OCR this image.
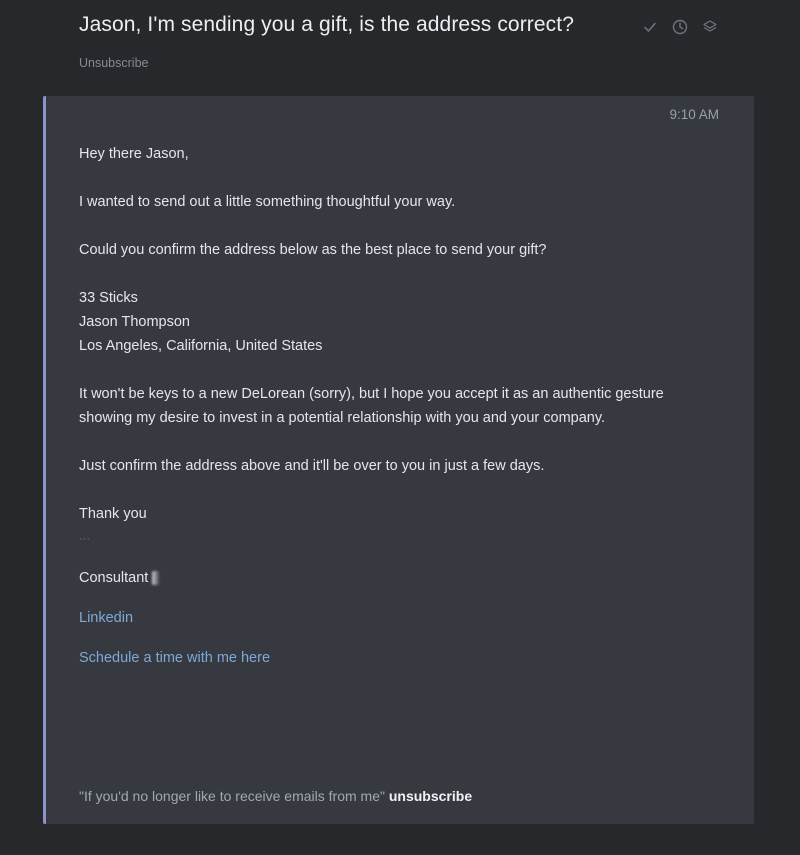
Jason, I'm sending you a gift, is the address correct?
Unsubscribe
9:10 AM

Hey there Jason,

I wanted to send out a little something thoughtful your way.

Could you confirm the address below as the best place to send your gift?

33 Sticks

Jason Thompson

Los Angeles, California, United States

It won't be keys to a new DeLorean (sorry), but I hope you accept it as an authentic gesture

showing my desire to invest in a potential relationship with you and your company.

Just confirm the address above and it'll be over to you in just a few days.

Thank you

···
Consultant
Linkedin
Schedule a time with me here
"If you'd no longer like to receive emails from me" unsubscribe
